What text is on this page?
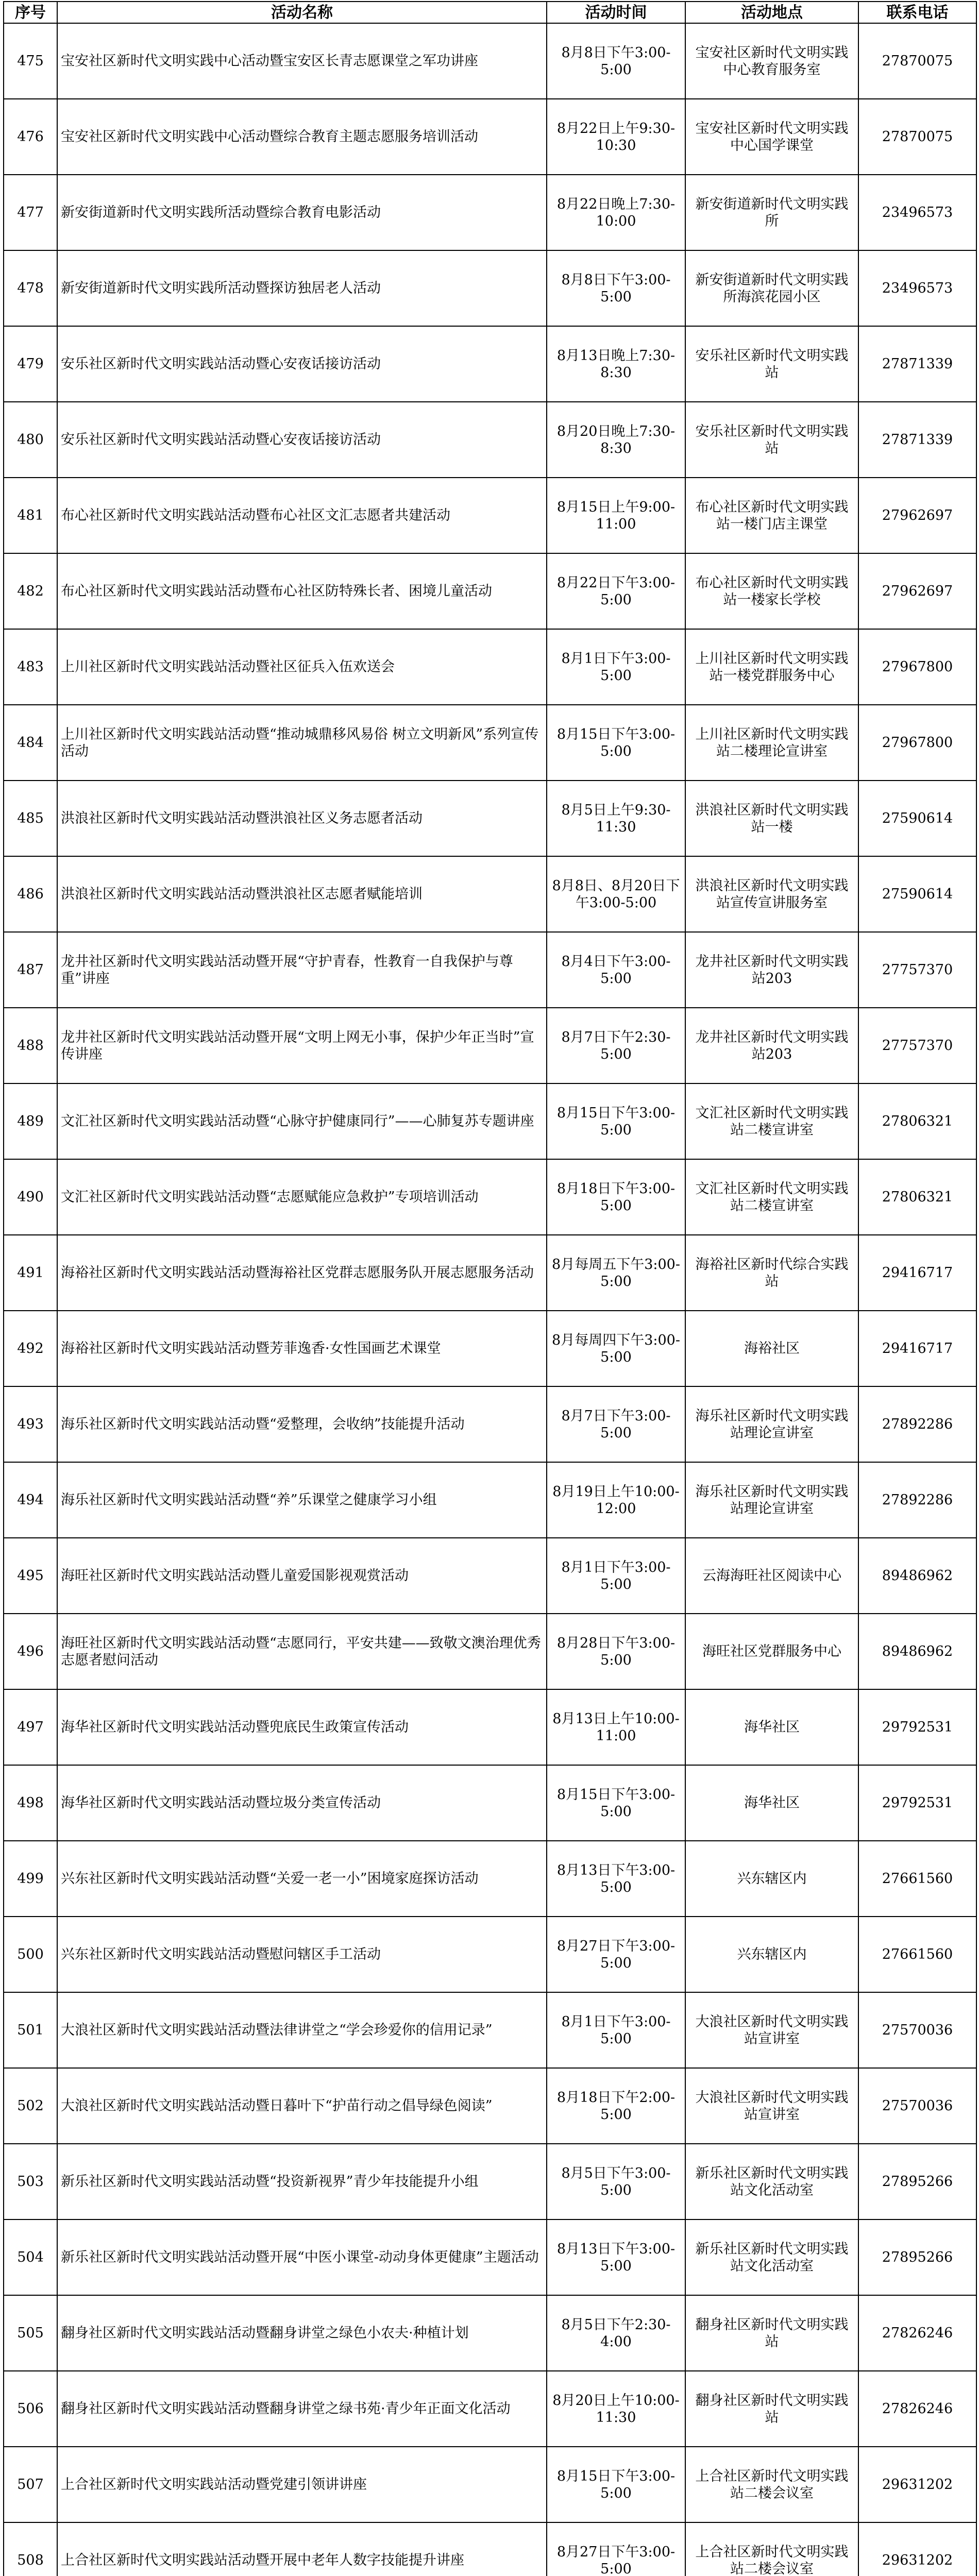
序号	活动名称	活动时间	活动地点	联系电话
475	宝安社区新时代文明实践中心活动暨宝安区长青志愿课堂之军功讲座	8月8日下午3:00-5:00	宝安社区新时代文明实践中心教育服务室	27870075
476	宝安社区新时代文明实践中心活动暨综合教育主题志愿服务培训活动	8月22日上午9:30-10:30	宝安社区新时代文明实践中心国学课堂	27870075
477	新安街道新时代文明实践所活动暨综合教育电影活动	8月22日晚上7:30-10:00	新安街道新时代文明实践所	23496573
478	新安街道新时代文明实践所活动暨探访独居老人活动	8月8日下午3:00-5:00	新安街道新时代文明实践所海滨花园小区	23496573
479	安乐社区新时代文明实践站活动暨心安夜话接访活动	8月13日晚上7:30-8:30	安乐社区新时代文明实践站	27871339
480	安乐社区新时代文明实践站活动暨心安夜话接访活动	8月20日晚上7:30-8:30	安乐社区新时代文明实践站	27871339
481	布心社区新时代文明实践站活动暨布心社区文汇志愿者共建活动	8月15日上午9:00-11:00	布心社区新时代文明实践站一楼门店主课堂	27962697
482	布心社区新时代文明实践站活动暨布心社区防特殊长者、困境儿童活动	8月22日下午3:00-5:00	布心社区新时代文明实践站一楼家长学校	27962697
483	上川社区新时代文明实践站活动暨社区征兵入伍欢送会	8月1日下午3:00-5:00	上川社区新时代文明实践站一楼党群服务中心	27967800
484	上川社区新时代文明实践站活动暨“推动城鼎移风易俗 树立文明新风”系列宣传活动	8月15日下午3:00-5:00	上川社区新时代文明实践站二楼理论宣讲室	27967800
485	洪浪社区新时代文明实践站活动暨洪浪社区义务志愿者活动	8月5日上午9:30-11:30	洪浪社区新时代文明实践站一楼	27590614
486	洪浪社区新时代文明实践站活动暨洪浪社区志愿者赋能培训	8月8日、8月20日下午3:00-5:00	洪浪社区新时代文明实践站宣传宣讲服务室	27590614
487	龙井社区新时代文明实践站活动暨开展“守护青春，性教育一自我保护与尊重”讲座	8月4日下午3:00-5:00	龙井社区新时代文明实践站203	27757370
488	龙井社区新时代文明实践站活动暨开展“文明上网无小事，保护少年正当时”宣传讲座	8月7日下午2:30-5:00	龙井社区新时代文明实践站203	27757370
489	文汇社区新时代文明实践站活动暨“心脉守护健康同行”——心肺复苏专题讲座	8月15日下午3:00-5:00	文汇社区新时代文明实践站二楼宣讲室	27806321
490	文汇社区新时代文明实践站活动暨“志愿赋能应急救护”专项培训活动	8月18日下午3:00-5:00	文汇社区新时代文明实践站二楼宣讲室	27806321
491	海裕社区新时代文明实践站活动暨海裕社区党群志愿服务队开展志愿服务活动	8月每周五下午3:00-5:00	海裕社区新时代综合实践站	29416717
492	海裕社区新时代文明实践站活动暨芳菲逸香·女性国画艺术课堂	8月每周四下午3:00-5:00	海裕社区	29416717
493	海乐社区新时代文明实践站活动暨“爱整理，会收纳”技能提升活动	8月7日下午3:00-5:00	海乐社区新时代文明实践站理论宣讲室	27892286
494	海乐社区新时代文明实践站活动暨“养”乐课堂之健康学习小组	8月19日上午10:00-12:00	海乐社区新时代文明实践站理论宣讲室	27892286
495	海旺社区新时代文明实践站活动暨儿童爱国影视观赏活动	8月1日下午3:00-5:00	云海海旺社区阅读中心	89486962
496	海旺社区新时代文明实践站活动暨“志愿同行，平安共建——致敬文澳治理优秀志愿者慰问活动	8月28日下午3:00-5:00	海旺社区党群服务中心	89486962
497	海华社区新时代文明实践站活动暨兜底民生政策宣传活动	8月13日上午10:00-11:00	海华社区	29792531
498	海华社区新时代文明实践站活动暨垃圾分类宣传活动	8月15日下午3:00-5:00	海华社区	29792531
499	兴东社区新时代文明实践站活动暨“关爱一老一小”困境家庭探访活动	8月13日下午3:00-5:00	兴东辖区内	27661560
500	兴东社区新时代文明实践站活动暨慰问辖区手工活动	8月27日下午3:00-5:00	兴东辖区内	27661560
501	大浪社区新时代文明实践站活动暨法律讲堂之“学会珍爱你的信用记录”	8月1日下午3:00-5:00	大浪社区新时代文明实践站宣讲室	27570036
502	大浪社区新时代文明实践站活动暨日暮叶下“护苗行动之倡导绿色阅读”	8月18日下午2:00-5:00	大浪社区新时代文明实践站宣讲室	27570036
503	新乐社区新时代文明实践站活动暨“投资新视界”青少年技能提升小组	8月5日下午3:00-5:00	新乐社区新时代文明实践站文化活动室	27895266
504	新乐社区新时代文明实践站活动暨开展“中医小课堂-动动身体更健康”主题活动	8月13日下午3:00-5:00	新乐社区新时代文明实践站文化活动室	27895266
505	翻身社区新时代文明实践站活动暨翻身讲堂之绿色小农夫·种植计划	8月5日下午2:30-4:00	翻身社区新时代文明实践站	27826246
506	翻身社区新时代文明实践站活动暨翻身讲堂之绿书苑·青少年正面文化活动	8月20日上午10:00-11:30	翻身社区新时代文明实践站	27826246
507	上合社区新时代文明实践站活动暨党建引领讲讲座	8月15日下午3:00-5:00	上合社区新时代文明实践站二楼会议室	29631202
508	上合社区新时代文明实践站活动暨开展中老年人数字技能提升讲座	8月27日下午3:00-5:00	上合社区新时代文明实践站二楼会议室	29631202
